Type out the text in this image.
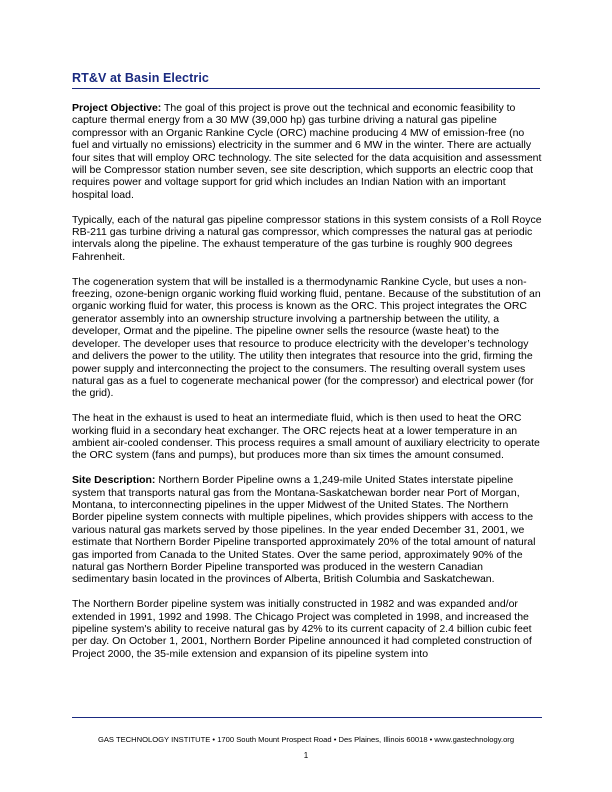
RT&V at Basin Electric

Project Objective: The goal of this project is prove out the technical and economic feasibility to capture thermal energy from a 30 MW (39,000 hp) gas turbine driving a natural gas pipeline compressor with an Organic Rankine Cycle (ORC) machine producing 4 MW of emission-free (no fuel and virtually no emissions) electricity in the summer and 6 MW in the winter. There are actually four sites that will employ ORC technology. The site selected for the data acquisition and assessment will be Compressor station number seven, see site description, which supports an electric coop that requires power and voltage support for grid which includes an Indian Nation with an important hospital load.

Typically, each of the natural gas pipeline compressor stations in this system consists of a Roll Royce RB-211 gas turbine driving a natural gas compressor, which compresses the natural gas at periodic intervals along the pipeline. The exhaust temperature of the gas turbine is roughly 900 degrees Fahrenheit.

The cogeneration system that will be installed is a thermodynamic Rankine Cycle, but uses a non-freezing, ozone-benign organic working fluid working fluid, pentane. Because of the substitution of an organic working fluid for water, this process is known as the ORC. This project integrates the ORC generator assembly into an ownership structure involving a partnership between the utility, a developer, Ormat and the pipeline. The pipeline owner sells the resource (waste heat) to the developer. The developer uses that resource to produce electricity with the developer’s technology and delivers the power to the utility. The utility then integrates that resource into the grid, firming the power supply and interconnecting the project to the consumers. The resulting overall system uses natural gas as a fuel to cogenerate mechanical power (for the compressor) and electrical power (for the grid).

The heat in the exhaust is used to heat an intermediate fluid, which is then used to heat the ORC working fluid in a secondary heat exchanger. The ORC rejects heat at a lower temperature in an ambient air-cooled condenser. This process requires a small amount of auxiliary electricity to operate the ORC system (fans and pumps), but produces more than six times the amount consumed.

Site Description: Northern Border Pipeline owns a 1,249-mile United States interstate pipeline system that transports natural gas from the Montana-Saskatchewan border near Port of Morgan, Montana, to interconnecting pipelines in the upper Midwest of the United States. The Northern Border pipeline system connects with multiple pipelines, which provides shippers with access to the various natural gas markets served by those pipelines. In the year ended December 31, 2001, we estimate that Northern Border Pipeline transported approximately 20% of the total amount of natural gas imported from Canada to the United States. Over the same period, approximately 90% of the natural gas Northern Border Pipeline transported was produced in the western Canadian sedimentary basin located in the provinces of Alberta, British Columbia and Saskatchewan.

The Northern Border pipeline system was initially constructed in 1982 and was expanded and/or extended in 1991, 1992 and 1998. The Chicago Project was completed in 1998, and increased the pipeline system's ability to receive natural gas by 42% to its current capacity of 2.4 billion cubic feet per day. On October 1, 2001, Northern Border Pipeline announced it had completed construction of Project 2000, the 35-mile extension and expansion of its pipeline system into

GAS TECHNOLOGY INSTITUTE • 1700 South Mount Prospect Road • Des Plaines, Illinois 60018 • www.gastechnology.org
1
